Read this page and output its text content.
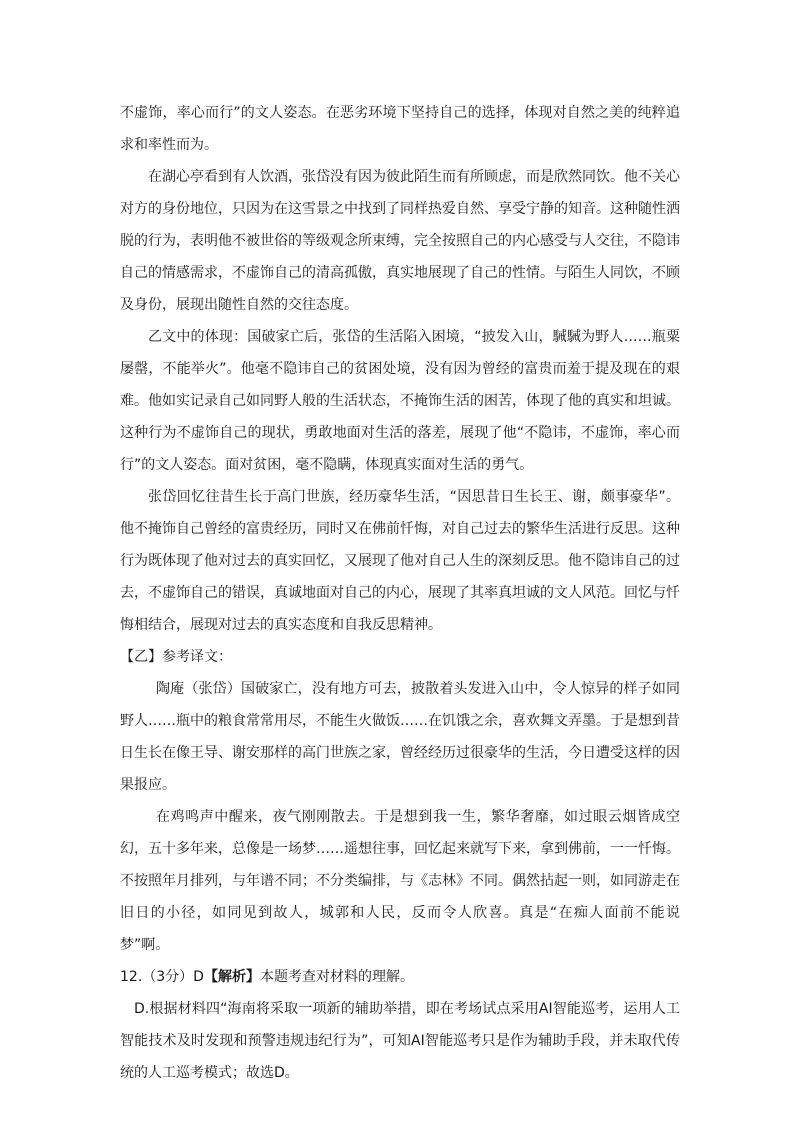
不虚饰，率心而行”的文人姿态。在恶劣环境下坚持自己的选择，体现对自然之美的纯粹追求和率性而为。

在湖心亭看到有人饮酒，张岱没有因为彼此陌生而有所顾虑，而是欣然同饮。他不关心对方的身份地位，只因为在这雪景之中找到了同样热爱自然、享受宁静的知音。这种随性洒脱的行为，表明他不被世俗的等级观念所束缚，完全按照自己的内心感受与人交往，不隐讳自己的情感需求，不虚饰自己的清高孤傲，真实地展现了自己的性情。与陌生人同饮，不顾及身份，展现出随性自然的交往态度。

乙文中的体现：国破家亡后，张岱的生活陷入困境，“披发入山，駴駴为野人……瓶粟屡罄，不能举火”。他毫不隐讳自己的贫困处境，没有因为曾经的富贵而羞于提及现在的艰难。他如实记录自己如同野人般的生活状态，不掩饰生活的困苦，体现了他的真实和坦诚。这种行为不虚饰自己的现状，勇敢地面对生活的落差，展现了他“不隐讳，不虚饰，率心而行”的文人姿态。面对贫困，毫不隐瞒，体现真实面对生活的勇气。

张岱回忆往昔生长于高门世族，经历豪华生活，“因思昔日生长王、谢，颇事豪华”。他不掩饰自己曾经的富贵经历，同时又在佛前忏悔，对自己过去的繁华生活进行反思。这种行为既体现了他对过去的真实回忆，又展现了他对自己人生的深刻反思。他不隐讳自己的过去，不虚饰自己的错误，真诚地面对自己的内心，展现了其率真坦诚的文人风范。回忆与忏悔相结合，展现对过去的真实态度和自我反思精神。

【乙】参考译文：

陶庵（张岱）国破家亡，没有地方可去，披散着头发进入山中，令人惊异的样子如同野人……瓶中的粮食常常用尽，不能生火做饭……在饥饿之余，喜欢舞文弄墨。于是想到昔日生长在像王导、谢安那样的高门世族之家，曾经经历过很豪华的生活，今日遭受这样的因果报应。

在鸡鸣声中醒来，夜气刚刚散去。于是想到我一生，繁华奢靡，如过眼云烟皆成空幻，五十多年来，总像是一场梦……遥想往事，回忆起来就写下来，拿到佛前，一一忏悔。不按照年月排列，与年谱不同；不分类编排，与《志林》不同。偶然拈起一则，如同游走在旧日的小径，如同见到故人，城郭和人民，反而令人欣喜。真是“在痴人面前不能说梦”啊。

12.（3分）D【解析】本题考查对材料的理解。

D.根据材料四“海南将采取一项新的辅助举措，即在考场试点采用AI智能巡考，运用人工智能技术及时发现和预警违规违纪行为”，可知AI智能巡考只是作为辅助手段，并未取代传统的人工巡考模式；故选D。
